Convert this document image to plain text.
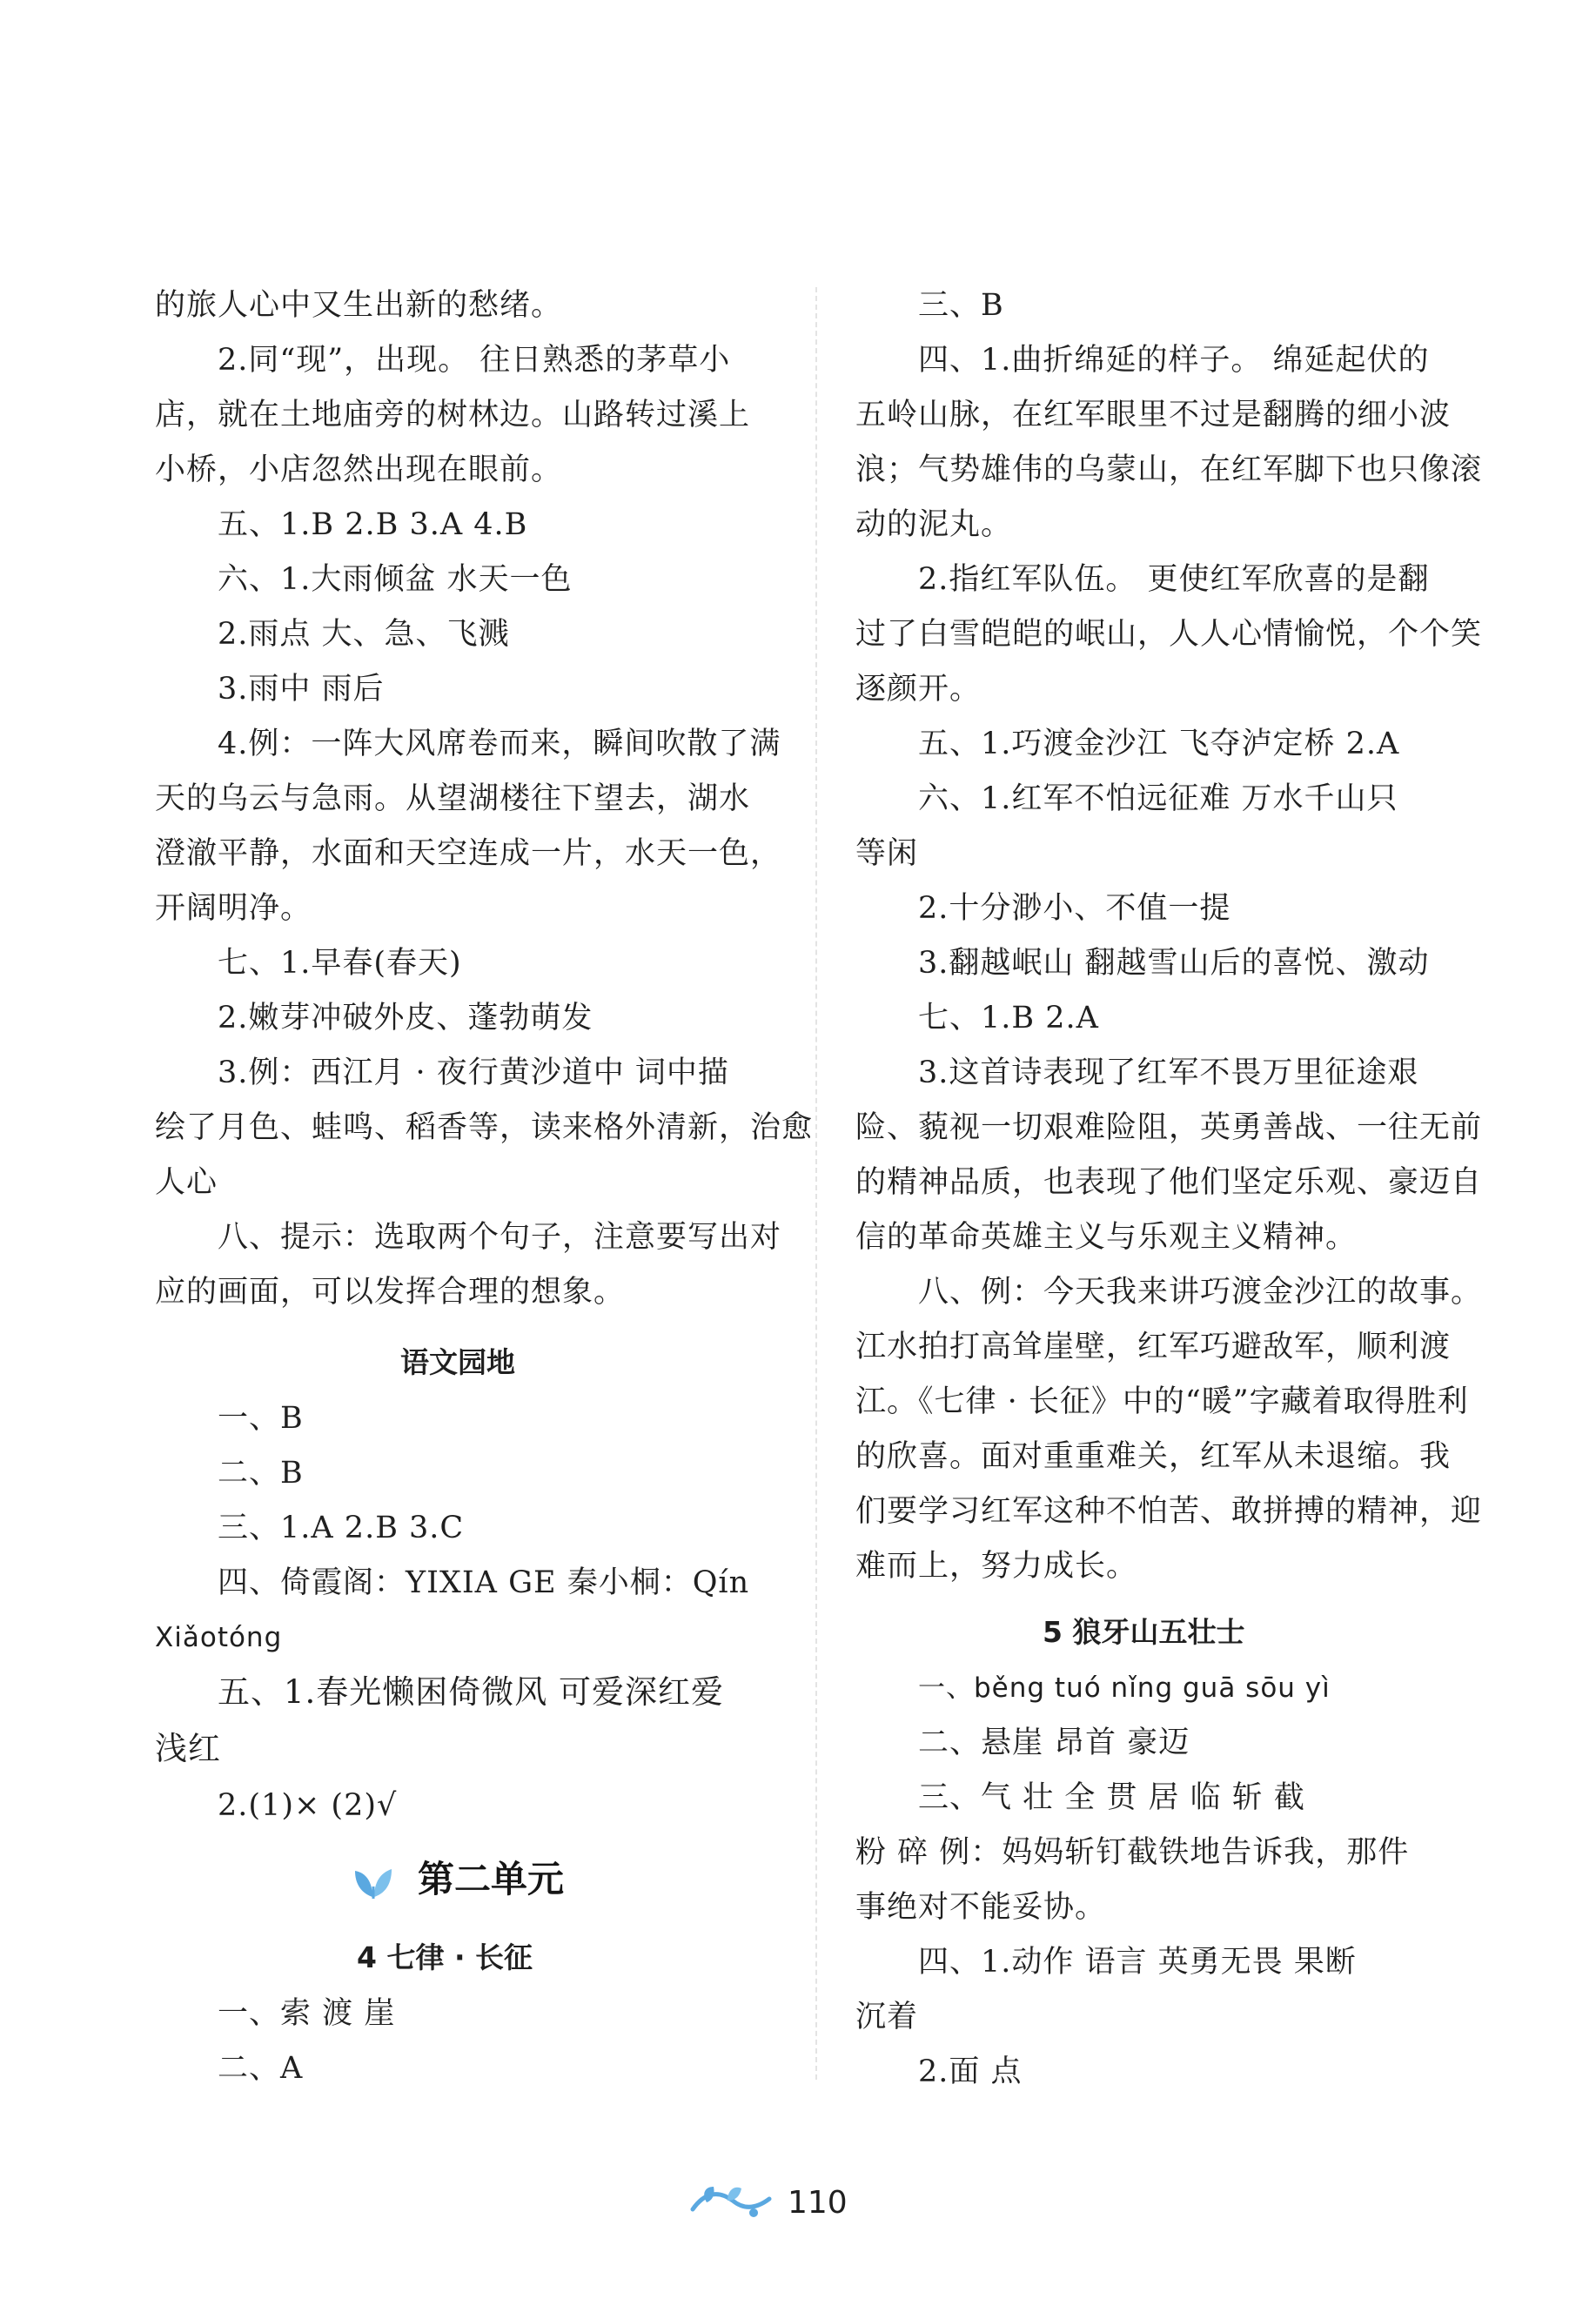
的旅人心中又生出新的愁绪。
2.同“现”，出现。 往日熟悉的茅草小
店，就在土地庙旁的树林边。山路转过溪上
小桥，小店忽然出现在眼前。
五、1.B 2.B 3.A 4.B
六、1.大雨倾盆 水天一色
2.雨点 大、急、飞溅
3.雨中 雨后
4.例：一阵大风席卷而来，瞬间吹散了满
天的乌云与急雨。从望湖楼往下望去，湖水
澄澈平静，水面和天空连成一片，水天一色，
开阔明净。
七、1.早春(春天)
2.嫩芽冲破外皮、蓬勃萌发
3.例：西江月 · 夜行黄沙道中 词中描
绘了月色、蛙鸣、稻香等，读来格外清新，治愈
人心
八、提示：选取两个句子，注意要写出对
应的画面，可以发挥合理的想象。
语文园地
一、B
二、B
三、1.A 2.B 3.C
四、倚霞阁：YIXIA GE 秦小桐：Qín
Xiǎotóng
五、1.春光懒困倚微风 可爱深红爱
浅红
2.(1)× (2)√
第二单元
4 七律 · 长征
一、索 渡 崖
二、A
三、B
四、1.曲折绵延的样子。 绵延起伏的
五岭山脉，在红军眼里不过是翻腾的细小波
浪；气势雄伟的乌蒙山，在红军脚下也只像滚
动的泥丸。
2.指红军队伍。 更使红军欣喜的是翻
过了白雪皑皑的岷山，人人心情愉悦，个个笑
逐颜开。
五、1.巧渡金沙江 飞夺泸定桥 2.A
六、1.红军不怕远征难 万水千山只
等闲
2.十分渺小、不值一提
3.翻越岷山 翻越雪山后的喜悦、激动
七、1.B 2.A
3.这首诗表现了红军不畏万里征途艰
险、藐视一切艰难险阻，英勇善战、一往无前
的精神品质，也表现了他们坚定乐观、豪迈自
信的革命英雄主义与乐观主义精神。
八、例：今天我来讲巧渡金沙江的故事。
江水拍打高耸崖壁，红军巧避敌军，顺利渡
江。《七律 · 长征》中的“暖”字藏着取得胜利
的欣喜。面对重重难关，红军从未退缩。我
们要学习红军这种不怕苦、敢拼搏的精神，迎
难而上，努力成长。
5 狼牙山五壮士
一、běng tuó nǐng guā sōu yì
二、悬崖 昂首 豪迈
三、气 壮 全 贯 居 临 斩 截
粉 碎 例：妈妈斩钉截铁地告诉我，那件
事绝对不能妥协。
四、1.动作 语言 英勇无畏 果断
沉着
2.面 点
110
